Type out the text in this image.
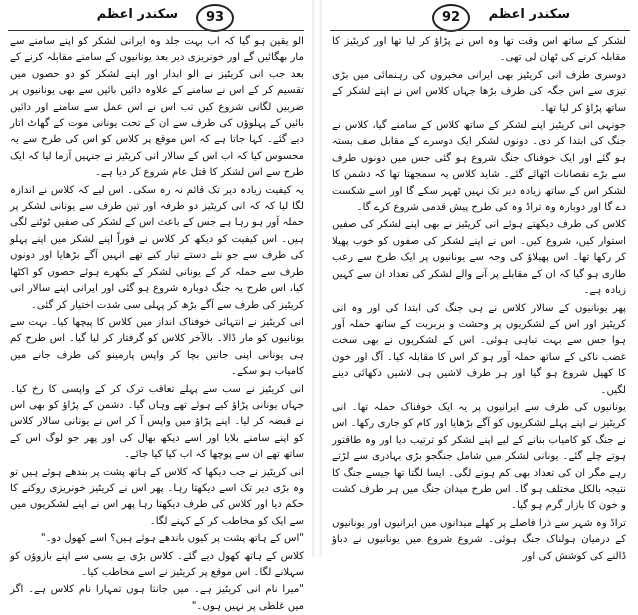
سکندر اعظم	93

الو یقین ہو گیا کہ اب بہت جلد وہ ایرانی لشکر کو اپنے سامنے سے مار بھگائیں گے اور خونریزی دیر بعد یونانیوں کے سامنے مقابلہ کرنے کے بعد جب انی کریٹیز نے الو ابدار اور اپنے لشکر کو دو حصوں میں تقسیم کر کے اس نے سامنے کے علاوہ دائیں بائیں سے بھی یونانیوں پر ضربیں لگانی شروع کیں تب اس نے اس عمل سے سامنے اور دائیں بائیں کے پہلوؤں کی طرف سے ان کے تحت یونانی موت کے گھاٹ اتار دیے گئے۔ کہا جاتا ہے کہ اس موقع پر کلاس کو اس کی طرح سے یہ محسوس کیا کہ اب اس کے سالار انی کریٹیز نے جنہیں آزما لیا کہ ایک طرح سے اس لشکر کا قتل عام شروع کر دیا ہے۔

یہ کیفیت زیادہ دیر تک قائم نہ رہ سکی۔ اس لیے کہ کلاس نے اندازہ لگا لیا کہ کہ انی کریٹیز دو طرفہ اور تین طرف سے یونانی لشکر پر حملہ آور ہو رہا ہے جس کے باعث اس کے لشکر کی صفیں ٹوٹنے لگی ہیں۔ اس کیفیت کو دیکھ کر کلاس نے فوراً اپنے لشکر میں اپنے پہلو کی طرف سے جو نئے دستے تیار کیے تھے انہیں آگے بڑھایا اور دونوں طرف سے حملہ کر کے یونانی لشکر کے بکھرے ہوئے حصوں کو اکٹھا کیا، اس طرح یہ جنگ دوبارہ شروع ہو گئی اور ایرانی اپنے سالار انی کریٹیز کی طرف سے آگے بڑھ کر پہلی سی شدت اختیار کر گئی۔

انی کریٹیز نے انتہائی خوفناک انداز میں کلاس کا پیچھا کیا۔ بہت سے یونانیوں کو مار ڈالا۔ بالآخر کلاس کو گرفتار کر لیا گیا۔ اس طرح کم ہی یونانی اپنی جانیں بچا کر واپس پارمینو کی طرف جانے میں کامیاب ہو سکے۔

انی کریٹیز نے سب سے پہلے تعاقب ترک کر کے واپسی کا رخ کیا۔ جہاں یونانی پڑاؤ کیے ہوئے تھے وہاں گیا۔ دشمن کے پڑاؤ کو بھی اس نے قبضہ کر لیا۔ اپنے پڑاؤ میں واپس آ کر اس نے یونانی سالار کلاس کو اپنے سامنے بلایا اور اسے دیکھ بھال کی اور پھر جو لوگ اس کے ساتھ تھے ان سے پوچھا کہ اب کیا کیا جائے۔

انی کریٹیز نے جب دیکھا کہ کلاس کے ہاتھ پشت پر بندھے ہوئے ہیں تو وہ بڑی دیر تک اسے دیکھتا رہا۔ پھر اس نے کریٹیز خونریزی روکنے کا حکم دیا اور کلاس کی طرف دیکھتا رہا پھر اس نے اپنے لشکریوں میں سے ایک کو مخاطب کر کے کہنے لگا۔

"اس کے ہاتھ پشت پر کیوں باندھے ہوئے ہیں؟ اسے کھول دو۔"

کلاس کے ہاتھ کھول دیے گئے۔ کلاس بڑی بے بسی سے اپنے بازوؤں کو سہلانے لگا۔ اس موقع پر کریٹیز نے اسے مخاطب کیا۔

"میرا نام انی کریٹیز ہے۔ میں جانتا ہوں تمہارا نام کلاس ہے۔ اگر میں غلطی پر نہیں ہوں۔"

92	سکندر اعظم

لشکر کے ساتھ اس وقت تھا وہ اس نے پڑاؤ کر لیا تھا اور کریٹیز کا مقابلہ کرنے کی ٹھان لی تھی۔

دوسری طرف انی کریٹیز بھی ایرانی مخبروں کی رہنمائی میں بڑی تیزی سے اس جگہ کی طرف بڑھا جہاں کلاس اس نے اپنے لشکر کے ساتھ پڑاؤ کر لیا تھا۔

جونہی انی کریٹیز اپنے لشکر کے ساتھ کلاس کے سامنے گیا، کلاس نے جنگ کی ابتدا کر دی۔ دونوں لشکر ایک دوسرے کے مقابل صف بستہ ہو گئے اور ایک خوفناک جنگ شروع ہو گئی جس میں دونوں طرف سے بڑے نقصانات اٹھائے گئے۔ شاید کلاس یہ سمجھتا تھا کہ دشمن کا لشکر اس کے ساتھ زیادہ دیر تک نہیں ٹھہر سکے گا اور اسے شکست دے گا اور دوبارہ وہ تراڈ وہ کی طرح پیش قدمی شروع کرے گا۔

کلاس کی طرف دیکھتے ہوئے انی کریٹیز نے بھی اپنے لشکر کی صفیں استوار کیں، شروع کیں۔ اس نے اپنے لشکر کی صفوں کو خوب پھیلا کر رکھا تھا۔ اس پھیلاؤ کی وجہ سے یونانیوں پر ایک طرح سے رعب طاری ہو گیا کہ ان کے مقابلے پر آنے والے لشکر کی تعداد ان سے کہیں زیادہ ہے۔

پھر یونانیوں کے سالار کلاس نے ہی جنگ کی ابتدا کی اور وہ انی کریٹیز اور اس کے لشکریوں پر وحشت و بربریت کے ساتھ حملہ آور ہوا جس سے بہت تباہی ہوئی۔ اس کے لشکریوں نے بھی سخت غضب ناکی کے ساتھ حملہ آور ہو کر اس کا مقابلہ کیا۔ آگ اور خون کا کھیل شروع ہو گیا اور ہر طرف لاشیں ہی لاشیں دکھائی دینے لگیں۔

یونانیوں کی طرف سے ایرانیوں پر یہ ایک خوفناک حملہ تھا۔ انی کریٹیز نے اپنے پہلے لشکریوں کو آگے بڑھایا اور کام کو جاری رکھا۔ اس نے جنگ کو کامیاب بنانے کے لیے اپنے لشکر کو ترتیب دیا اور وہ طاقتور ہوتے چلے گئے۔ یونانی لشکر میں شامل جنگجو بڑی بہادری سے لڑتے رہے مگر ان کی تعداد بھی کم ہونے لگی۔ ایسا لگتا تھا جیسے جنگ کا نتیجہ بالکل مختلف ہو گا۔ اس طرح میدان جنگ میں ہر طرف کشت و خون کا بازار گرم ہو گیا۔

تراڈ وہ شہر سے ذرا فاصلے پر کھلے میدانوں میں ایرانیوں اور یونانیوں کے درمیان ہولناک جنگ ہوئی۔ شروع شروع میں یونانیوں نے دباؤ ڈالنے کی کوشش کی اور
